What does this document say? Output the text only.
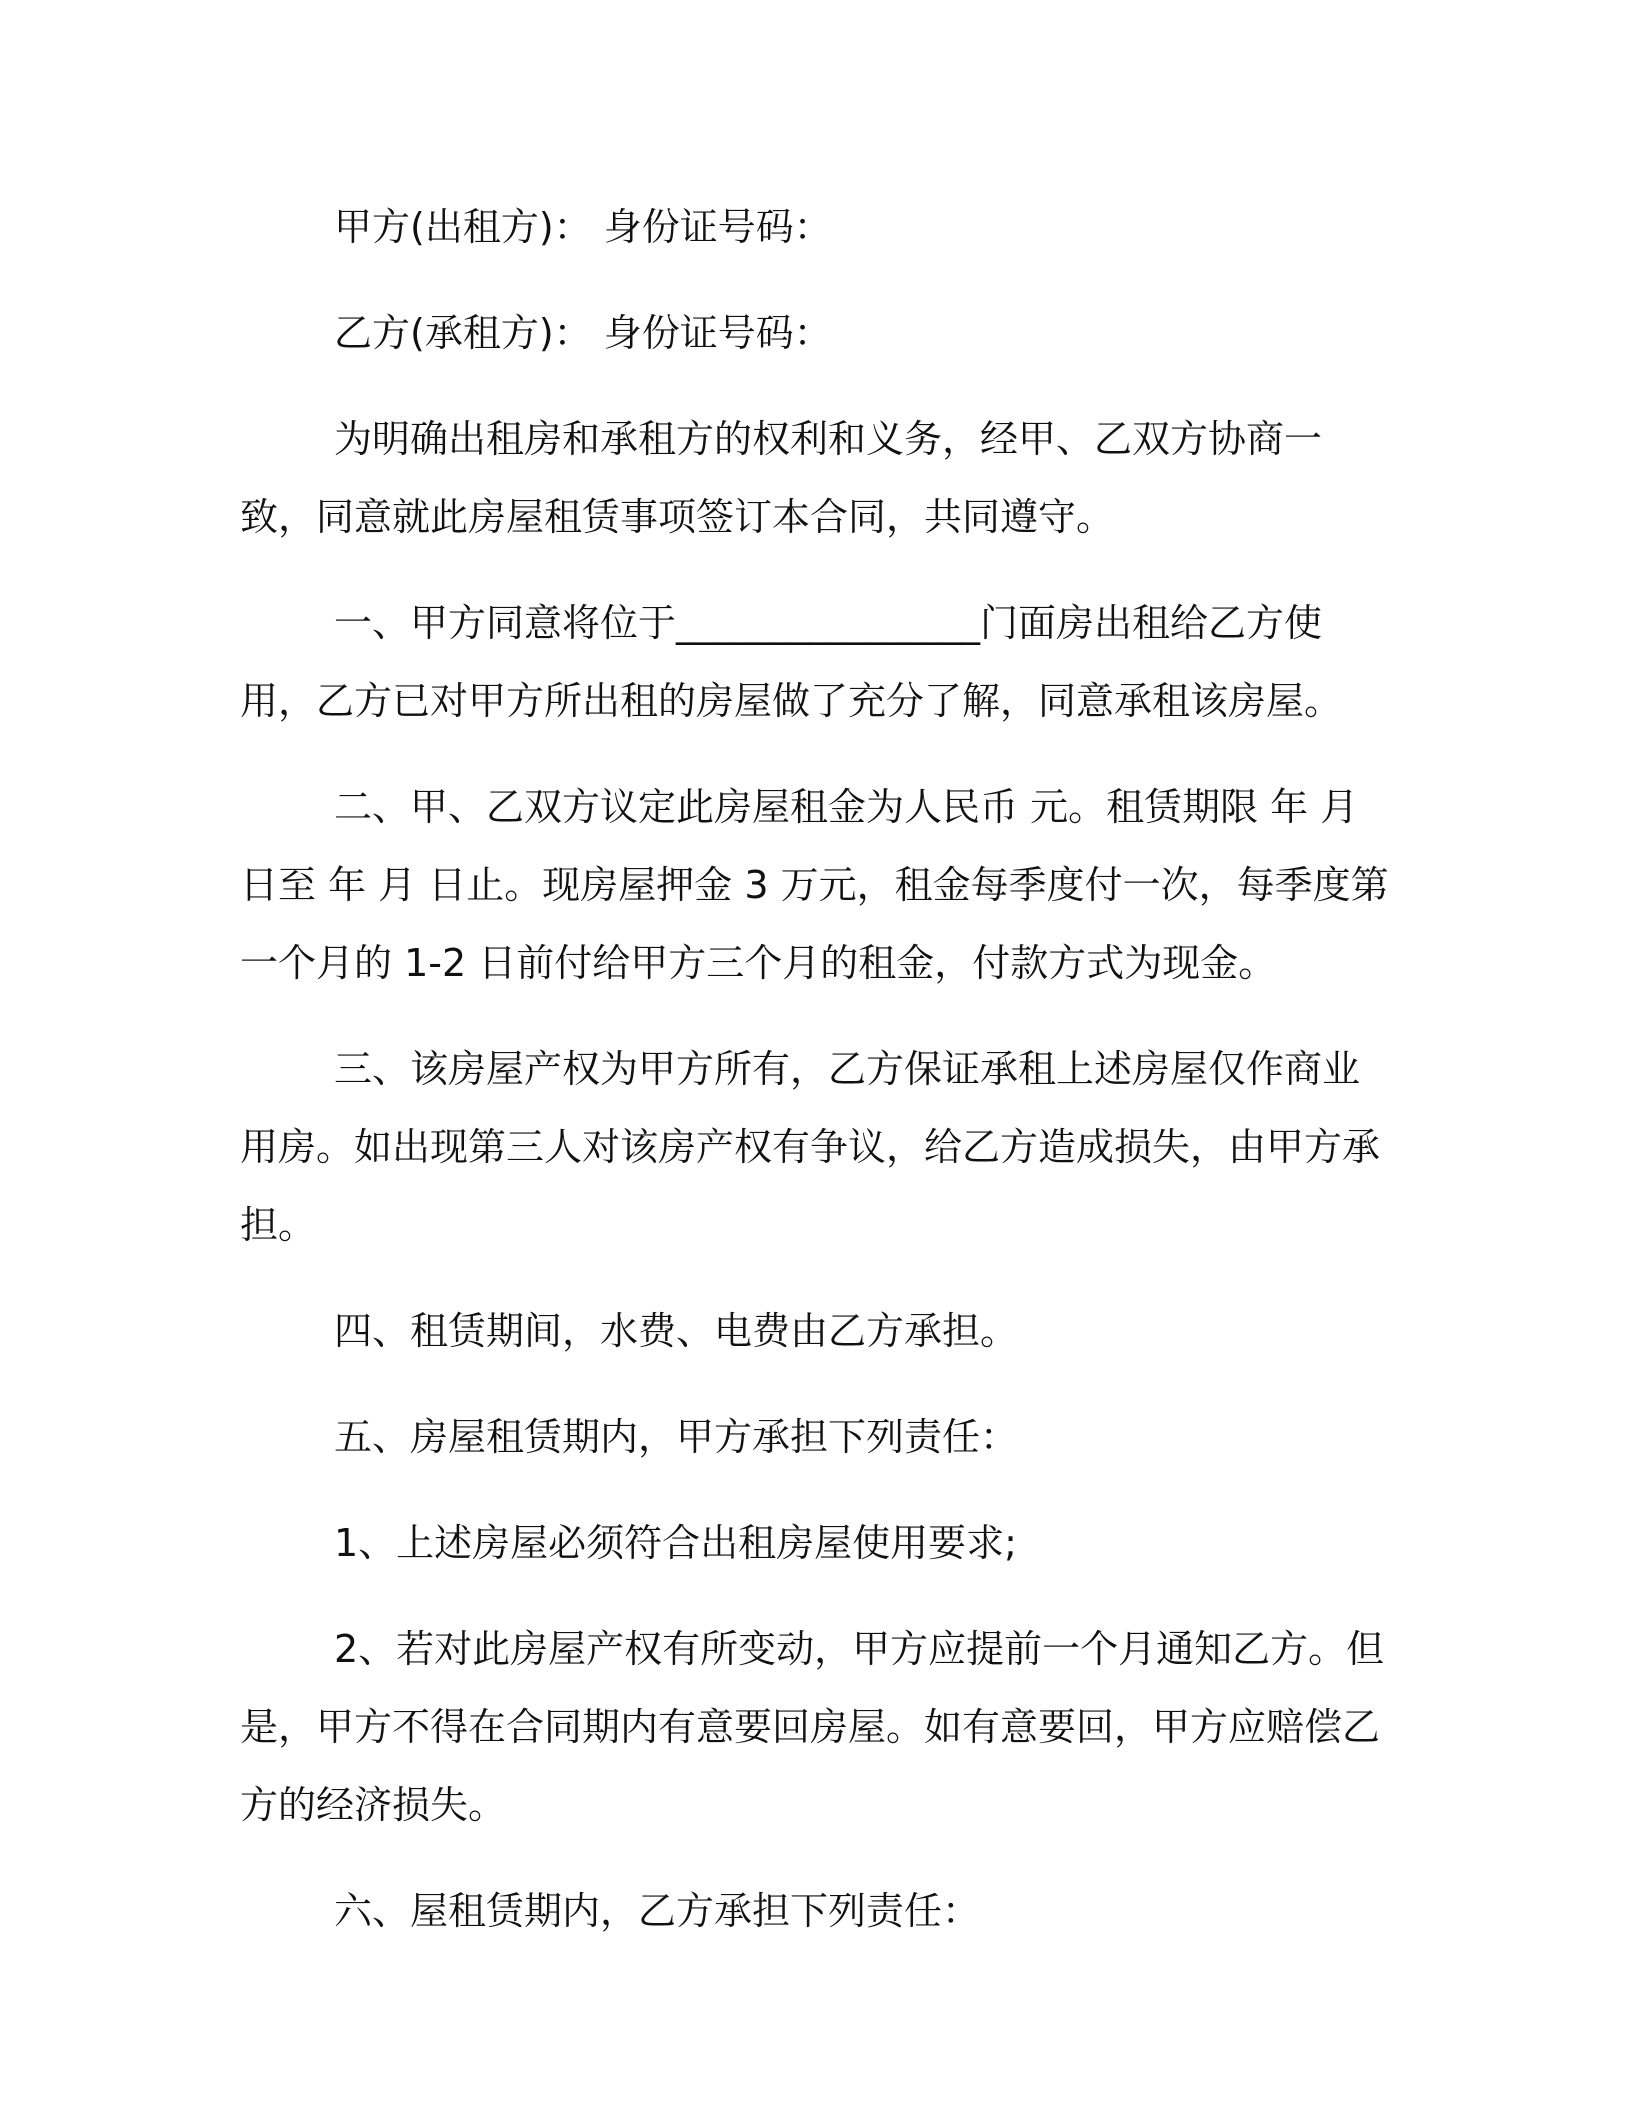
甲方(出租方)： 身份证号码：

乙方(承租方)： 身份证号码：

为明确出租房和承租方的权利和义务，经甲、乙双方协商一致，同意就此房屋租赁事项签订本合同，共同遵守。

一、甲方同意将位于________________门面房出租给乙方使用，乙方已对甲方所出租的房屋做了充分了解，同意承租该房屋。

二、甲、乙双方议定此房屋租金为人民币 元。租赁期限 年 月 日至 年 月 日止。现房屋押金 3 万元，租金每季度付一次，每季度第一个月的 1-2 日前付给甲方三个月的租金，付款方式为现金。

三、该房屋产权为甲方所有，乙方保证承租上述房屋仅作商业用房。如出现第三人对该房产权有争议，给乙方造成损失，由甲方承担。

四、租赁期间，水费、电费由乙方承担。

五、房屋租赁期内，甲方承担下列责任：

1、上述房屋必须符合出租房屋使用要求;

2、若对此房屋产权有所变动，甲方应提前一个月通知乙方。但是，甲方不得在合同期内有意要回房屋。如有意要回，甲方应赔偿乙方的经济损失。

六、屋租赁期内，乙方承担下列责任：
